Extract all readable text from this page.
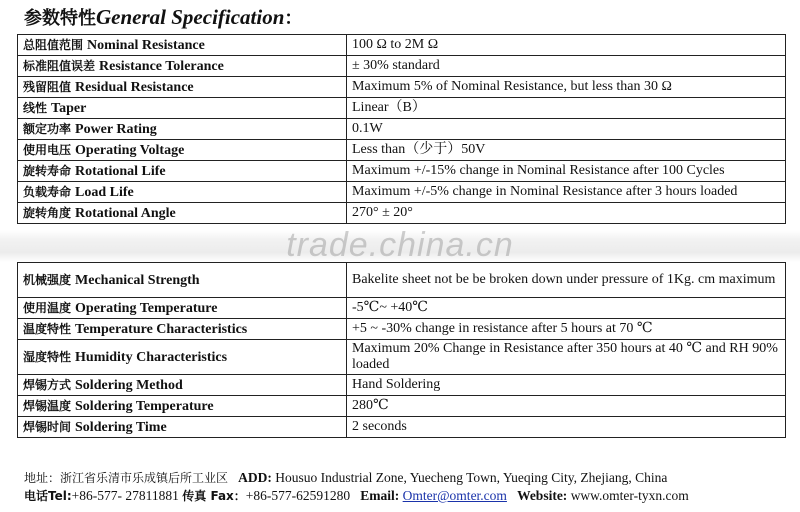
参数特性General Specification：
总阻值范围 Nominal Resistance	100 Ω to 2M Ω
标准阻值误差 Resistance Tolerance	± 30% standard
残留阻值 Residual Resistance	Maximum 5% of Nominal Resistance, but less than 30 Ω
线性 Taper	Linear（B）
额定功率 Power Rating	0.1W
使用电压 Operating Voltage	Less than（少于）50V
旋转寿命 Rotational Life	Maximum +/-15% change in Nominal Resistance after 100 Cycles
负载寿命 Load Life	Maximum +/-5% change in Nominal Resistance after 3 hours loaded
旋转角度 Rotational Angle	270° ± 20°
trade.china.cn
机械强度 Mechanical Strength	Bakelite sheet not be be broken down under pressure of 1Kg. cm maximum
使用温度 Operating Temperature	-5℃~ +40℃
温度特性 Temperature Characteristics	+5 ~ -30% change in resistance after 5 hours at 70 ℃
湿度特性 Humidity Characteristics	Maximum 20% Change in Resistance after 350 hours at 40 ℃ and RH 90% loaded
焊锡方式 Soldering Method	Hand Soldering
焊锡温度 Soldering Temperature	280℃
焊锡时间 Soldering Time	2 seconds
地址：浙江省乐清市乐成镇后所工业区 ADD: Housuo Industrial Zone, Yuecheng Town, Yueqing City, Zhejiang, China
电话Tel:+86-577- 27811881 传真 Fax：+86-577-62591280 Email: Omter@omter.com Website: www.omter-tyxn.com
